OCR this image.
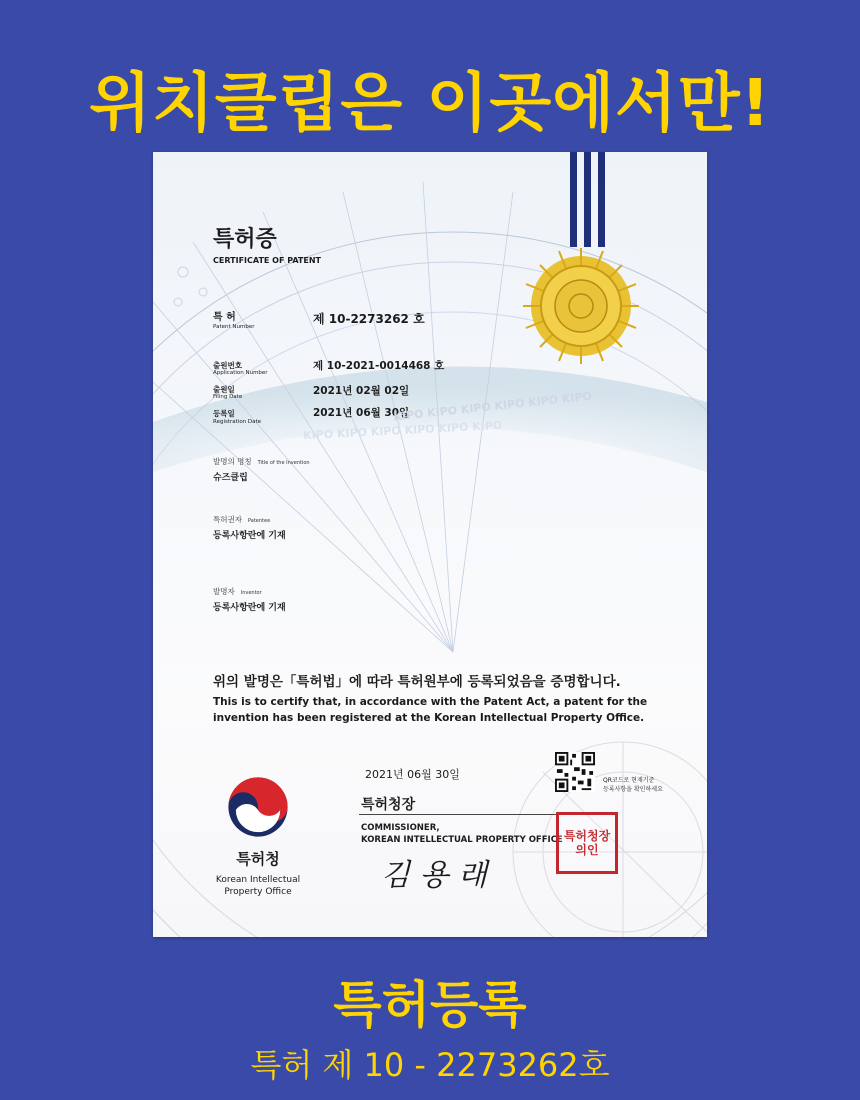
위치클립은 이곳에서만!
특허증
CERTIFICATE OF PATENT
특 허
Patent Number
제 10-2273262 호
출원번호
Application Number
제 10-2021-0014468 호
출원일
Filing Date	2021년 02월 02일
등록일
Registration Date
2021년 06월 30일
KIPO KIPO KIPO KIPO KIPO KIPO
KIPO KIPO KIPO KIPO KIPO KIPO
발명의 명칭 Title of the Invention
슈즈클립
특허권자 Patentee
등록사항란에 기재
발명자 Inventor
등록사항란에 기재
위의 발명은「특허법」에 따라 특허원부에 등록되었음을 증명합니다.
This is to certify that, in accordance with the Patent Act, a patent for the
invention has been registered at the Korean Intellectual Property Office.
특허청
Korean Intellectual
Property Office
2021년 06월 30일	QR코드로 현재기준
등록사항을 확인하세요
특허청장
COMMISSIONER,
KOREAN INTELLECTUAL PROPERTY OFFICE
김 용 래
특허청장의인
특허등록
특허 제 10 - 2273262호
